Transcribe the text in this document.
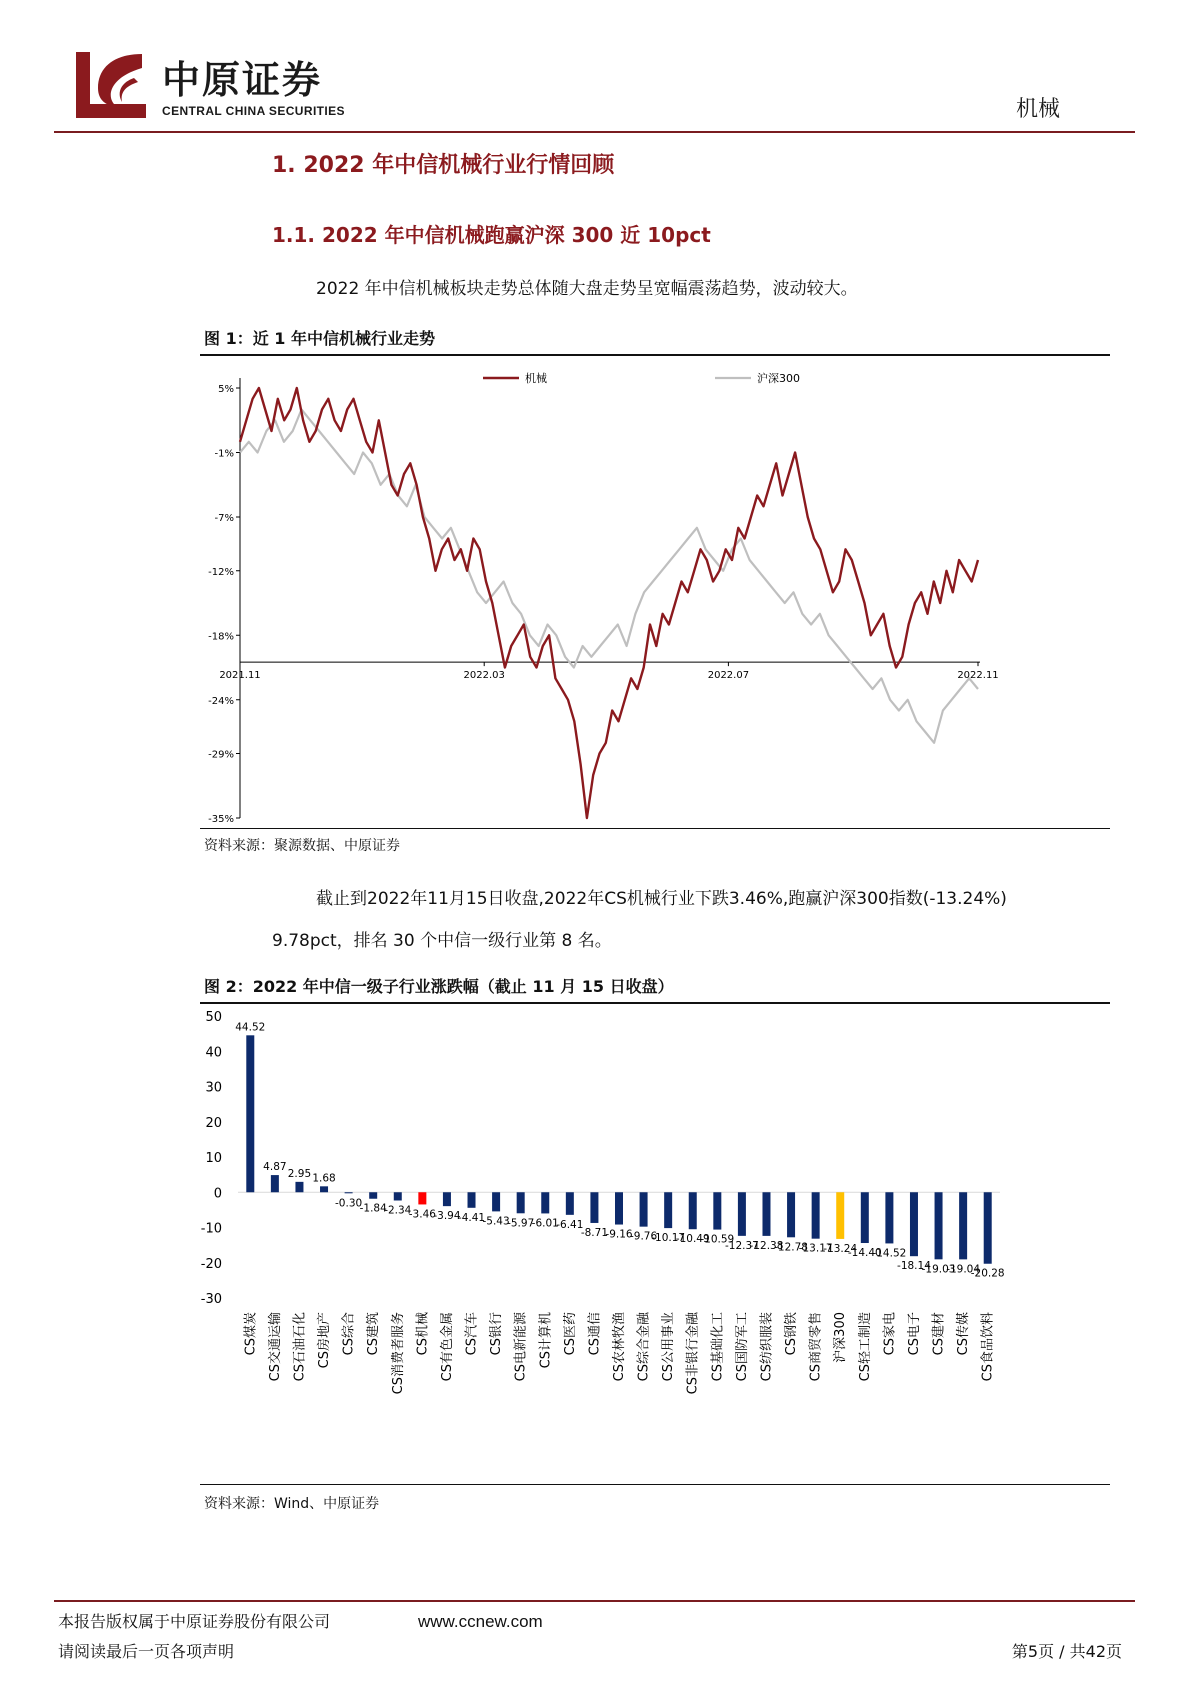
中原证券
CENTRAL CHINA SECURITIES	机械
1. 2022 年中信机械行业行情回顾
1.1. 2022 年中信机械跑赢沪深 300 近 10pct
2022 年中信机械板块走势总体随大盘走势呈宽幅震荡趋势，波动较大。
图 1：近 1 年中信机械行业走势
5%
-1%
-7%
-12%
-18%
-24%
-29%
-35%
2021.11	2022.03	2022.07	2022.11
机械	沪深300
资料来源：聚源数据、中原证券
截止到2022年11月15日收盘,2022年CS机械行业下跌3.46%,跑赢沪深300指数(-13.24%)
9.78pct，排名 30 个中信一级行业第 8 名。
图 2：2022 年中信一级子行业涨跌幅（截止 11 月 15 日收盘）
50
40
30
20
10
0
-10
-20
-30
44.52
CS煤炭
4.87
CS交通运输
2.95
CS石油石化
1.68
CS房地产
-0.30
CS综合
-1.84
CS建筑
-2.34
CS消费者服务
-3.46
CS机械
-3.94
CS有色金属
-4.41
CS汽车
-5.43
CS银行
-5.97
CS电新能源
-6.01
CS计算机
-6.41
CS医药
-8.71
CS通信
-9.16
CS农林牧渔
-9.76
CS综合金融
-10.17
CS公用事业
-10.49
CS非银行金融
-10.59
CS基础化工
-12.37
CS国防军工
-12.38
CS纺织服装
-12.78
CS钢铁
-13.17
CS商贸零售
-13.24
沪深300
-14.40
CS轻工制造
-14.52
CS家电
-18.14
CS电子
-19.03
CS建材
-19.04
CS传媒
-20.28
CS食品饮料
资料来源：Wind、中原证券
本报告版权属于中原证券股份有限公司	www.ccnew.com
请阅读最后一页各项声明	第5页 / 共42页
